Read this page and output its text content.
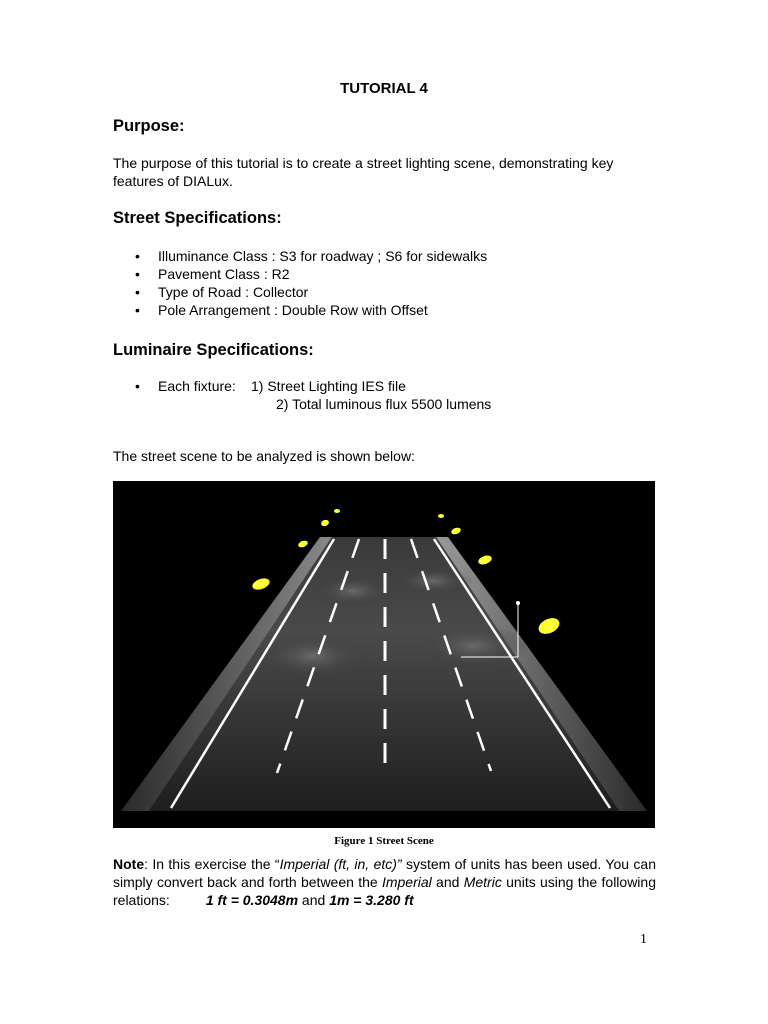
TUTORIAL 4
Purpose:
The purpose of this tutorial is to create a street lighting scene, demonstrating key features of DIALux.
Street Specifications:
• Illuminance Class : S3 for roadway ; S6 for sidewalks
• Pavement Class : R2
• Type of Road : Collector
• Pole Arrangement : Double Row with Offset
Luminaire Specifications:
• Each fixture: 1) Street Lighting IES file
2) Total luminous flux 5500 lumens
The street scene to be analyzed is shown below:
Figure 1 Street Scene
Note: In this exercise the “Imperial (ft, in, etc)” system of units has been used. You can simply convert back and forth between the Imperial and Metric units using the following relations:	1 ft = 0.3048m and 1m = 3.280 ft
1
